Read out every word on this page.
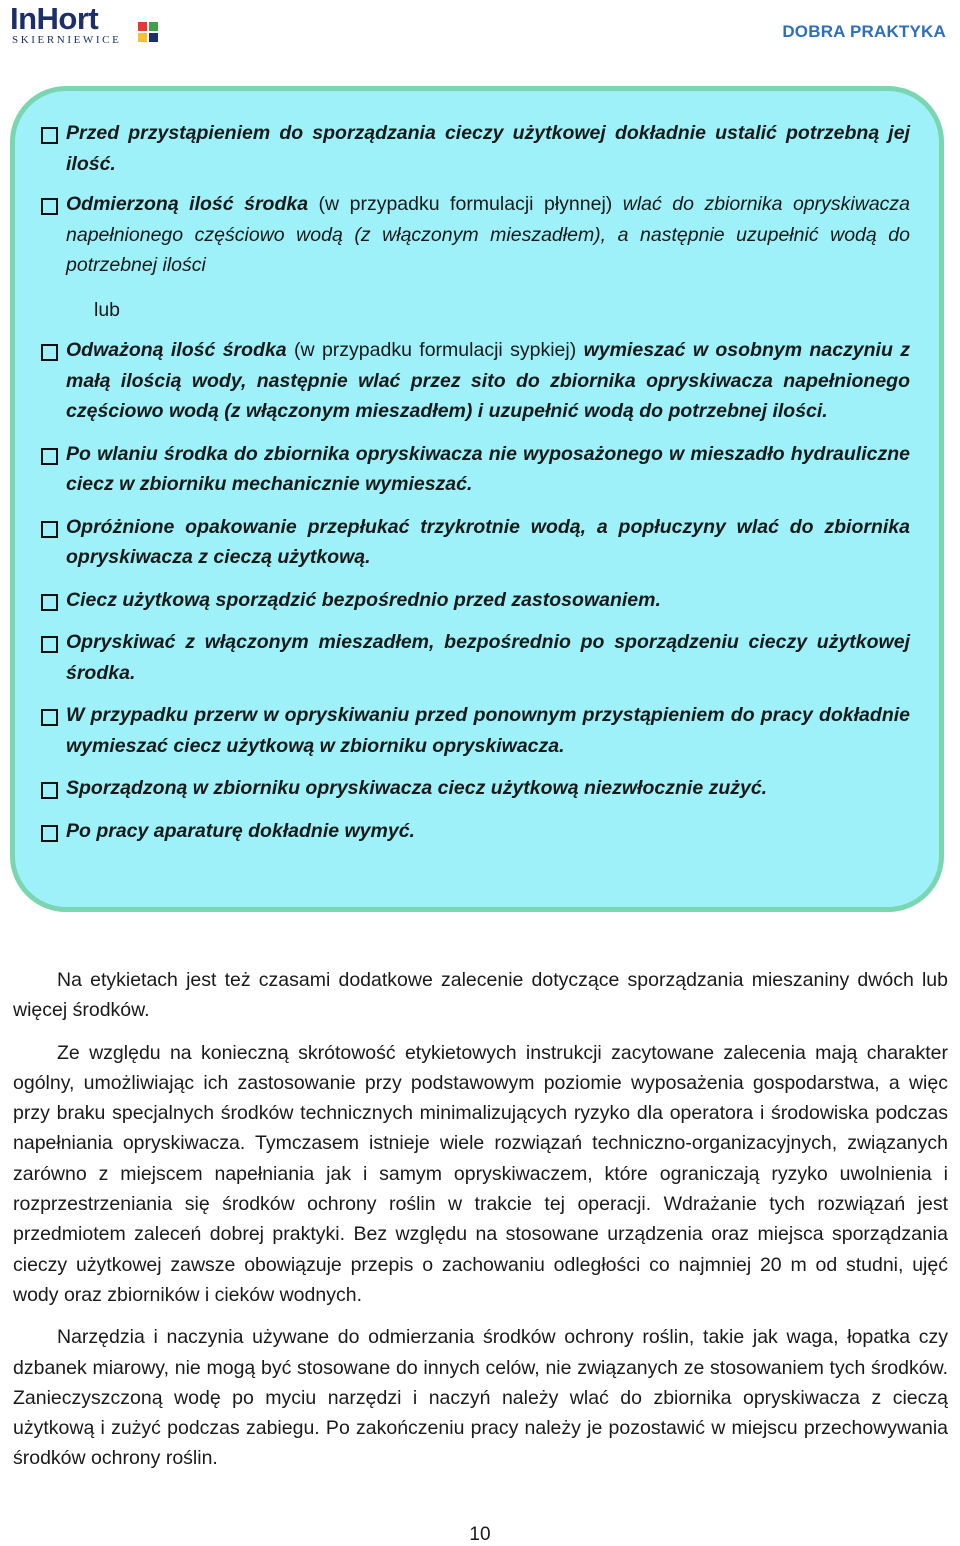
InHort
SKIERNIEWICE	DOBRA PRAKTYKA
Przed przystąpieniem do sporządzania cieczy użytkowej dokładnie ustalić potrzebną jej ilość.
Odmierzoną ilość środka (w przypadku formulacji płynnej) wlać do zbiornika opryskiwacza napełnionego częściowo wodą (z włączonym mieszadłem), a następnie uzupełnić wodą do potrzebnej ilości
lub
Odważoną ilość środka (w przypadku formulacji sypkiej) wymieszać w osobnym naczyniu z małą ilością wody, następnie wlać przez sito do zbiornika opryskiwacza napełnionego częściowo wodą (z włączonym mieszadłem) i uzupełnić wodą do potrzebnej ilości.
Po wlaniu środka do zbiornika opryskiwacza nie wyposażonego w mieszadło hydrauliczne ciecz w zbiorniku mechanicznie wymieszać.
Opróżnione opakowanie przepłukać trzykrotnie wodą, a popłuczyny wlać do zbiornika opryskiwacza z cieczą użytkową.
Ciecz użytkową sporządzić bezpośrednio przed zastosowaniem.
Opryskiwać z włączonym mieszadłem, bezpośrednio po sporządzeniu cieczy użytkowej środka.
W przypadku przerw w opryskiwaniu przed ponownym przystąpieniem do pracy dokładnie wymieszać ciecz użytkową w zbiorniku opryskiwacza.
Sporządzoną w zbiorniku opryskiwacza ciecz użytkową niezwłocznie zużyć.
Po pracy aparaturę dokładnie wymyć.

Na etykietach jest też czasami dodatkowe zalecenie dotyczące sporządzania mieszaniny dwóch lub więcej środków.

Ze względu na konieczną skrótowość etykietowych instrukcji zacytowane zalecenia mają charakter ogólny, umożliwiając ich zastosowanie przy podstawowym poziomie wyposażenia gospodarstwa, a więc przy braku specjalnych środków technicznych minimalizujących ryzyko dla operatora i środowiska podczas napełniania opryskiwacza. Tymczasem istnieje wiele rozwiązań techniczno-organizacyjnych, związanych zarówno z miejscem napełniania jak i samym opryskiwaczem, które ograniczają ryzyko uwolnienia i rozprzestrzeniania się środków ochrony roślin w trakcie tej operacji. Wdrażanie tych rozwiązań jest przedmiotem zaleceń dobrej praktyki. Bez względu na stosowane urządzenia oraz miejsca sporządzania cieczy użytkowej zawsze obowiązuje przepis o zachowaniu odległości co najmniej 20 m od studni, ujęć wody oraz zbiorników i cieków wodnych.

Narzędzia i naczynia używane do odmierzania środków ochrony roślin, takie jak waga, łopatka czy dzbanek miarowy, nie mogą być stosowane do innych celów, nie związanych ze stosowaniem tych środków. Zanieczyszczoną wodę po myciu narzędzi i naczyń należy wlać do zbiornika opryskiwacza z cieczą użytkową i zużyć podczas zabiegu. Po zakończeniu pracy należy je pozostawić w miejscu przechowywania środków ochrony roślin.

10
